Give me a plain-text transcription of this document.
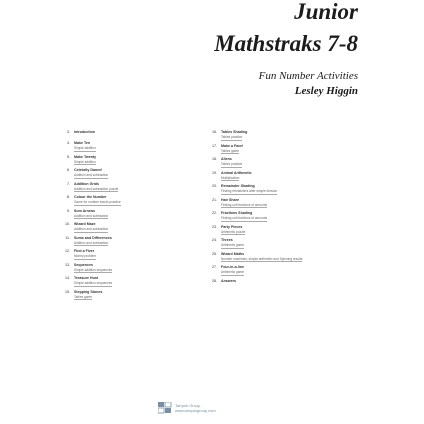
Junior
Mathstraks 7-8

Fun Number Activities

Lesley Higgin

3. Introduction
4. Make Ten
Simple addition
5. Make Twenty
Simple addition
6. Celebrity Dance!
Addition and subtraction
7. Addition Grids
Addition and subtraction puzzle
8. Colour the Number
Game for number bonds practice
9. Sum Arrows
Addition and subtraction
10. Wizard Maze
Addition and subtraction
11. Sums and Differences
Addition and subtraction
12. Find a Fiver
Money problem
13. Sequences
Simple addition sequences
14. Treasure Hunt
Simple addition sequences
15. Stepping Stones
Tables game
16. Tables Shading
Tables practice
17. Make a Face!
Tables game
18. Aliens
Tables practice
19. Animal Arithmetic
Multiplication
20. Remainder Shading
Finding remainders after simple division
21. Hair Share
Finding unit fractions of amounts
22. Fractions Shading
Finding unit fractions of amounts
23. Party Pieces
Arithmetic puzzle
24. Threes
Arithmetic game
25. Wizard Maths
Number machines, simple arithmetic and Spinning results
27. Four-in-a-line
Arithmetic game
28. Answers
Tarquin Group
www.tarquingroup.com
